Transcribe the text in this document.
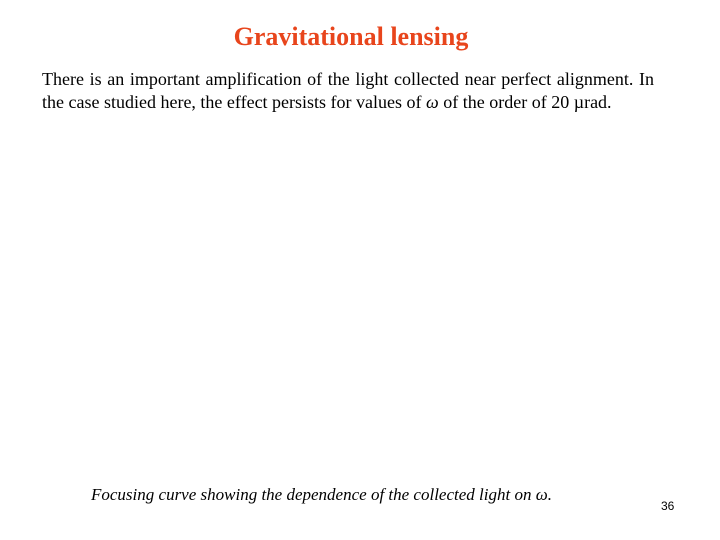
Gravitational lensing

There is an important amplification of the light collected near perfect alignment. In the case studied here, the effect persists for values of ω of the order of 20 µrad.

Focusing curve showing the dependence of the collected light on ω.

36
